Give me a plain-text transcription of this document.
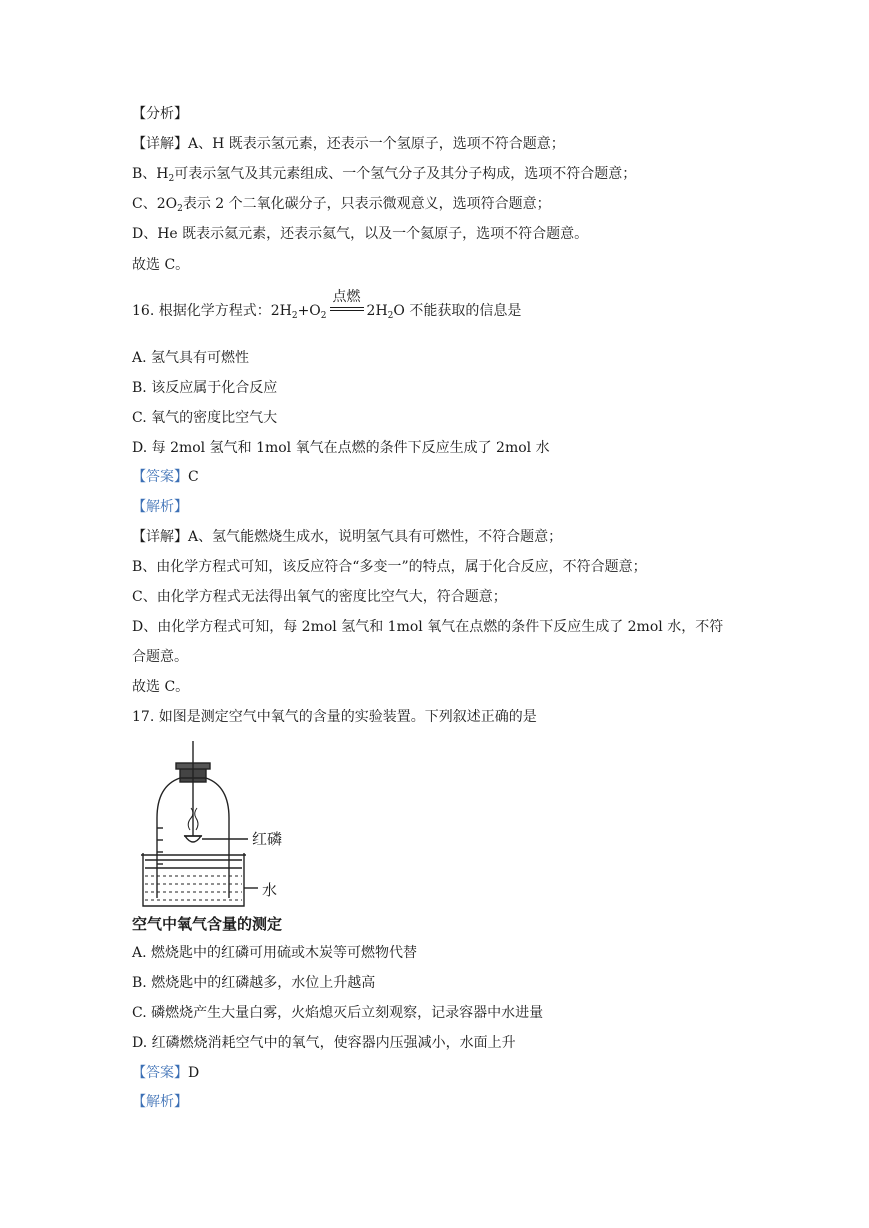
【分析】
【详解】A、H 既表示氢元素，还表示一个氢原子，选项不符合题意；
B、$H_2$可表示氢气及其元素组成、一个氢气分子及其分子构成，选项不符合题意；
C、$2O_2$表示 2 个二氧化碳分子，只表示微观意义，选项符合题意；
D、He 既表示氦元素，还表示氦气，以及一个氦原子，选项不符合题意。
故选 C。
16. 根据化学方程式：$2H_2+O_2$
点燃
$2H_2O$ 不能获取的信息是
A. 氢气具有可燃性
B. 该反应属于化合反应
C. 氧气的密度比空气大
D. 每 2mol 氢气和 1mol 氧气在点燃的条件下反应生成了 2mol 水
【答案】C
【解析】
【详解】A、氢气能燃烧生成水，说明氢气具有可燃性，不符合题意；
B、由化学方程式可知，该反应符合“多变一”的特点，属于化合反应，不符合题意；
C、由化学方程式无法得出氧气的密度比空气大，符合题意；
D、由化学方程式可知，每 2mol 氢气和 1mol 氧气在点燃的条件下反应生成了 2mol 水，不符
合题意。
故选 C。
17. 如图是测定空气中氧气的含量的实验装置。下列叙述正确的是
红磷
水
空气中氧气含量的测定
A. 燃烧匙中的红磷可用硫或木炭等可燃物代替
B. 燃烧匙中的红磷越多，水位上升越高
C. 磷燃烧产生大量白雾，火焰熄灭后立刻观察，记录容器中水进量
D. 红磷燃烧消耗空气中的氧气，使容器内压强减小，水面上升
【答案】D
【解析】
